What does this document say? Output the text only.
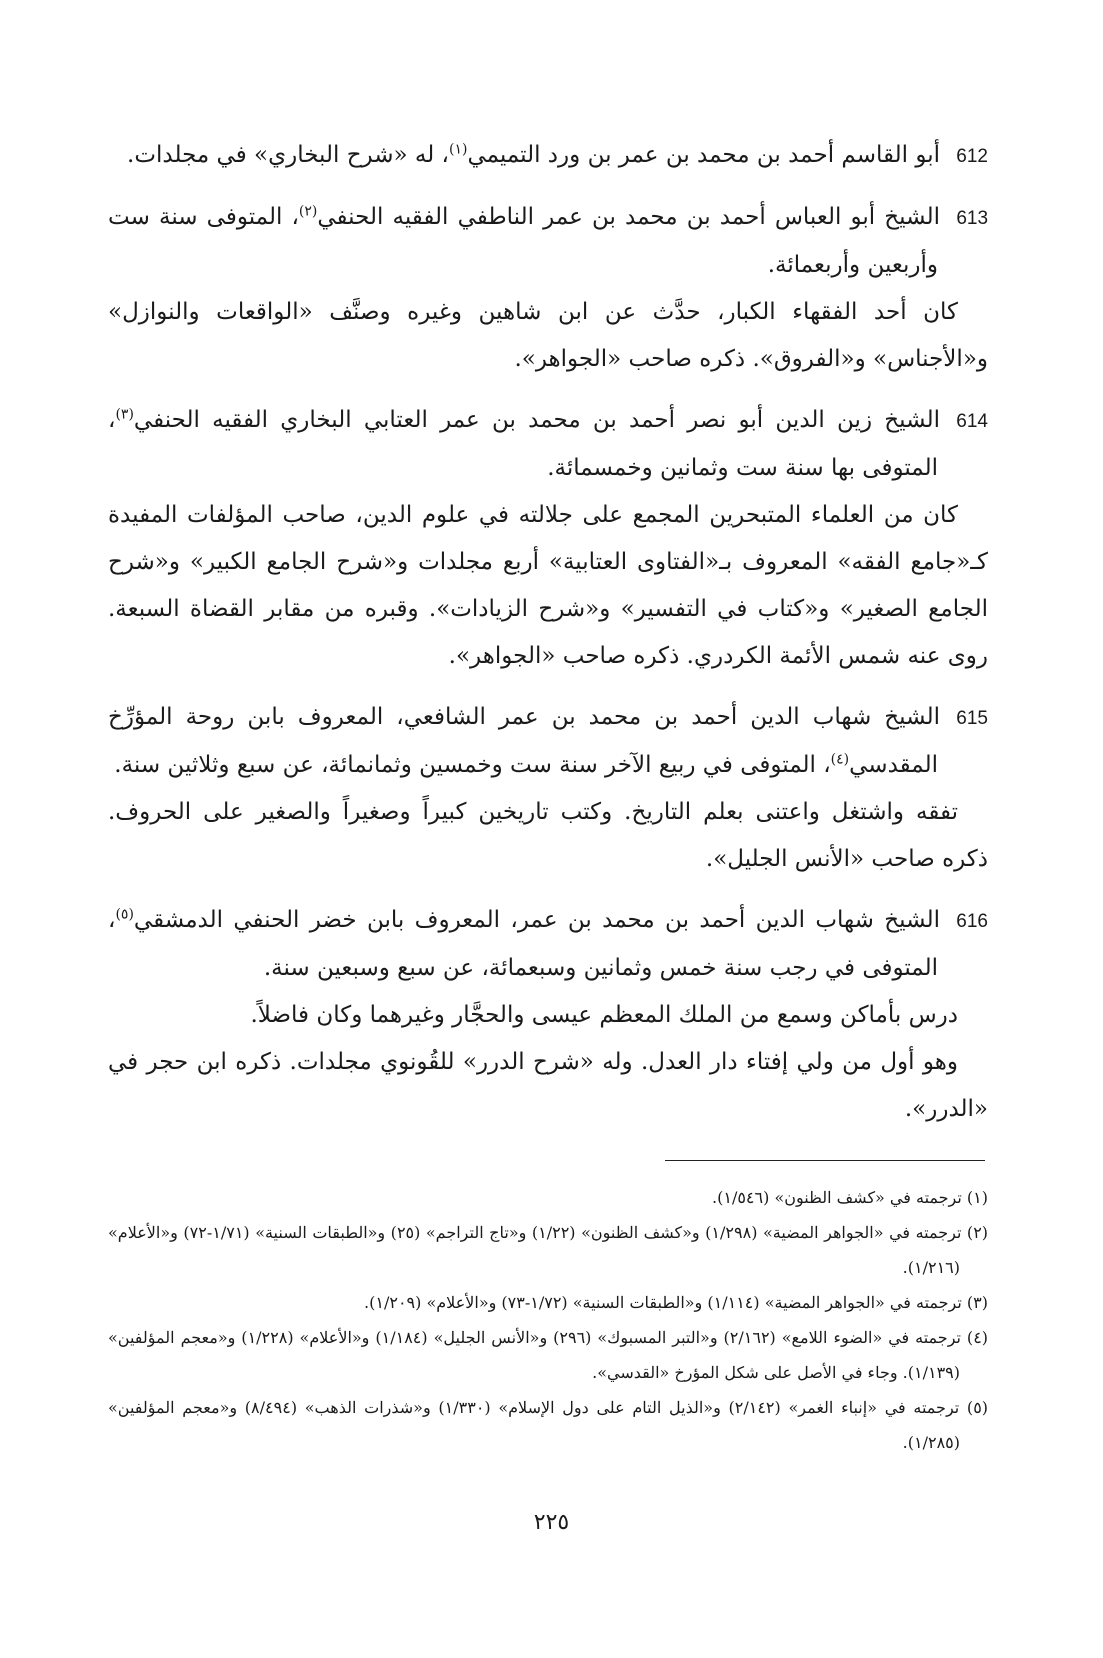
612أبو القاسم أحمد بن محمد بن عمر بن ورد التميمي$^{(١)}$، له «شرح البخاري» في مجلدات.

613الشيخ أبو العباس أحمد بن محمد بن عمر الناطفي الفقيه الحنفي$^{(٢)}$، المتوفى سنة ست وأربعين وأربعمائة.

كان أحد الفقهاء الكبار، حدَّث عن ابن شاهين وغيره وصنَّف «الواقعات والنوازل» و«الأجناس» و«الفروق». ذكره صاحب «الجواهر».

614الشيخ زين الدين أبو نصر أحمد بن محمد بن عمر العتابي البخاري الفقيه الحنفي$^{(٣)}$، المتوفى بها سنة ست وثمانين وخمسمائة.

كان من العلماء المتبحرين المجمع على جلالته في علوم الدين، صاحب المؤلفات المفيدة كـ«جامع الفقه» المعروف بـ«الفتاوى العتابية» أربع مجلدات و«شرح الجامع الكبير» و«شرح الجامع الصغير» و«كتاب في التفسير» و«شرح الزيادات». وقبره من مقابر القضاة السبعة. روى عنه شمس الأئمة الكردري. ذكره صاحب «الجواهر».

615الشيخ شهاب الدين أحمد بن محمد بن عمر الشافعي، المعروف بابن روحة المؤرِّخ المقدسي$^{(٤)}$، المتوفى في ربيع الآخر سنة ست وخمسين وثمانمائة، عن سبع وثلاثين سنة.

تفقه واشتغل واعتنى بعلم التاريخ. وكتب تاريخين كبيراً وصغيراً والصغير على الحروف. ذكره صاحب «الأنس الجليل».

616الشيخ شهاب الدين أحمد بن محمد بن عمر، المعروف بابن خضر الحنفي الدمشقي$^{(٥)}$، المتوفى في رجب سنة خمس وثمانين وسبعمائة، عن سبع وسبعين سنة.

درس بأماكن وسمع من الملك المعظم عيسى والحجَّار وغيرهما وكان فاضلاً.

وهو أول من ولي إفتاء دار العدل. وله «شرح الدرر» للقُونوي مجلدات. ذكره ابن حجر في «الدرر».

(١) ترجمته في «كشف الظنون» (١/٥٤٦).

(٢) ترجمته في «الجواهر المضية» (١/٢٩٨) و«كشف الظنون» (١/٢٢) و«تاج التراجم» (٢٥) و«الطبقات السنية» (١/٧١-٧٢) و«الأعلام» (١/٢١٦).

(٣) ترجمته في «الجواهر المضية» (١/١١٤) و«الطبقات السنية» (١/٧٢-٧٣) و«الأعلام» (١/٢٠٩).

(٤) ترجمته في «الضوء اللامع» (٢/١٦٢) و«التبر المسبوك» (٢٩٦) و«الأنس الجليل» (١/١٨٤) و«الأعلام» (١/٢٢٨) و«معجم المؤلفين» (١/١٣٩). وجاء في الأصل على شكل المؤرخ «القدسي».

(٥) ترجمته في «إنباء الغمر» (٢/١٤٢) و«الذيل التام على دول الإسلام» (١/٣٣٠) و«شذرات الذهب» (٨/٤٩٤) و«معجم المؤلفين» (١/٢٨٥).

٢٢٥
